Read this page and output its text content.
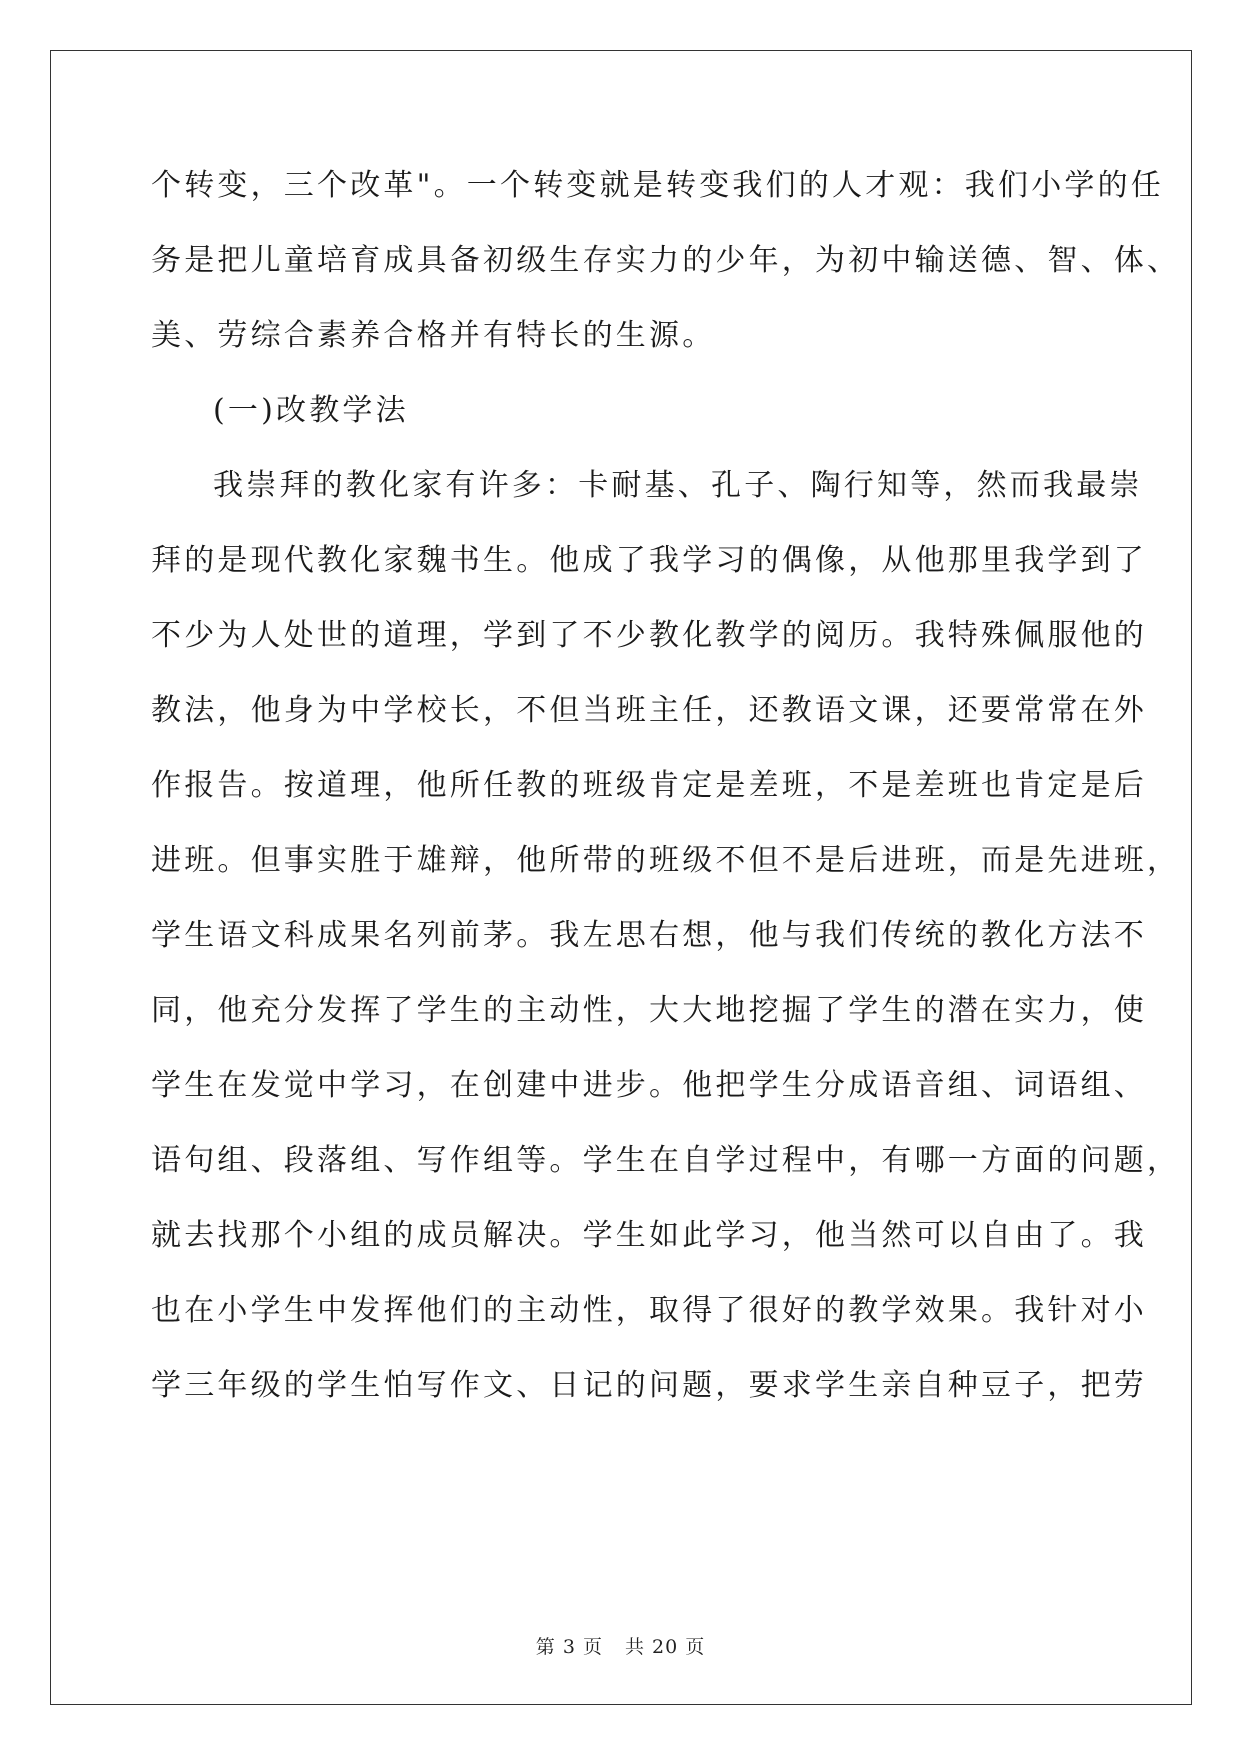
个转变，三个改革"。一个转变就是转变我们的人才观：我们小学的任
务是把儿童培育成具备初级生存实力的少年，为初中输送德、智、体、
美、劳综合素养合格并有特长的生源。
(一)改教学法
我崇拜的教化家有许多：卡耐基、孔子、陶行知等，然而我最崇
拜的是现代教化家魏书生。他成了我学习的偶像，从他那里我学到了
不少为人处世的道理，学到了不少教化教学的阅历。我特殊佩服他的
教法，他身为中学校长，不但当班主任，还教语文课，还要常常在外
作报告。按道理，他所任教的班级肯定是差班，不是差班也肯定是后
进班。但事实胜于雄辩，他所带的班级不但不是后进班，而是先进班，
学生语文科成果名列前茅。我左思右想，他与我们传统的教化方法不
同，他充分发挥了学生的主动性，大大地挖掘了学生的潜在实力，使
学生在发觉中学习，在创建中进步。他把学生分成语音组、词语组、
语句组、段落组、写作组等。学生在自学过程中，有哪一方面的问题，
就去找那个小组的成员解决。学生如此学习，他当然可以自由了。我
也在小学生中发挥他们的主动性，取得了很好的教学效果。我针对小
学三年级的学生怕写作文、日记的问题，要求学生亲自种豆子，把劳
第 3 页 共 20 页
